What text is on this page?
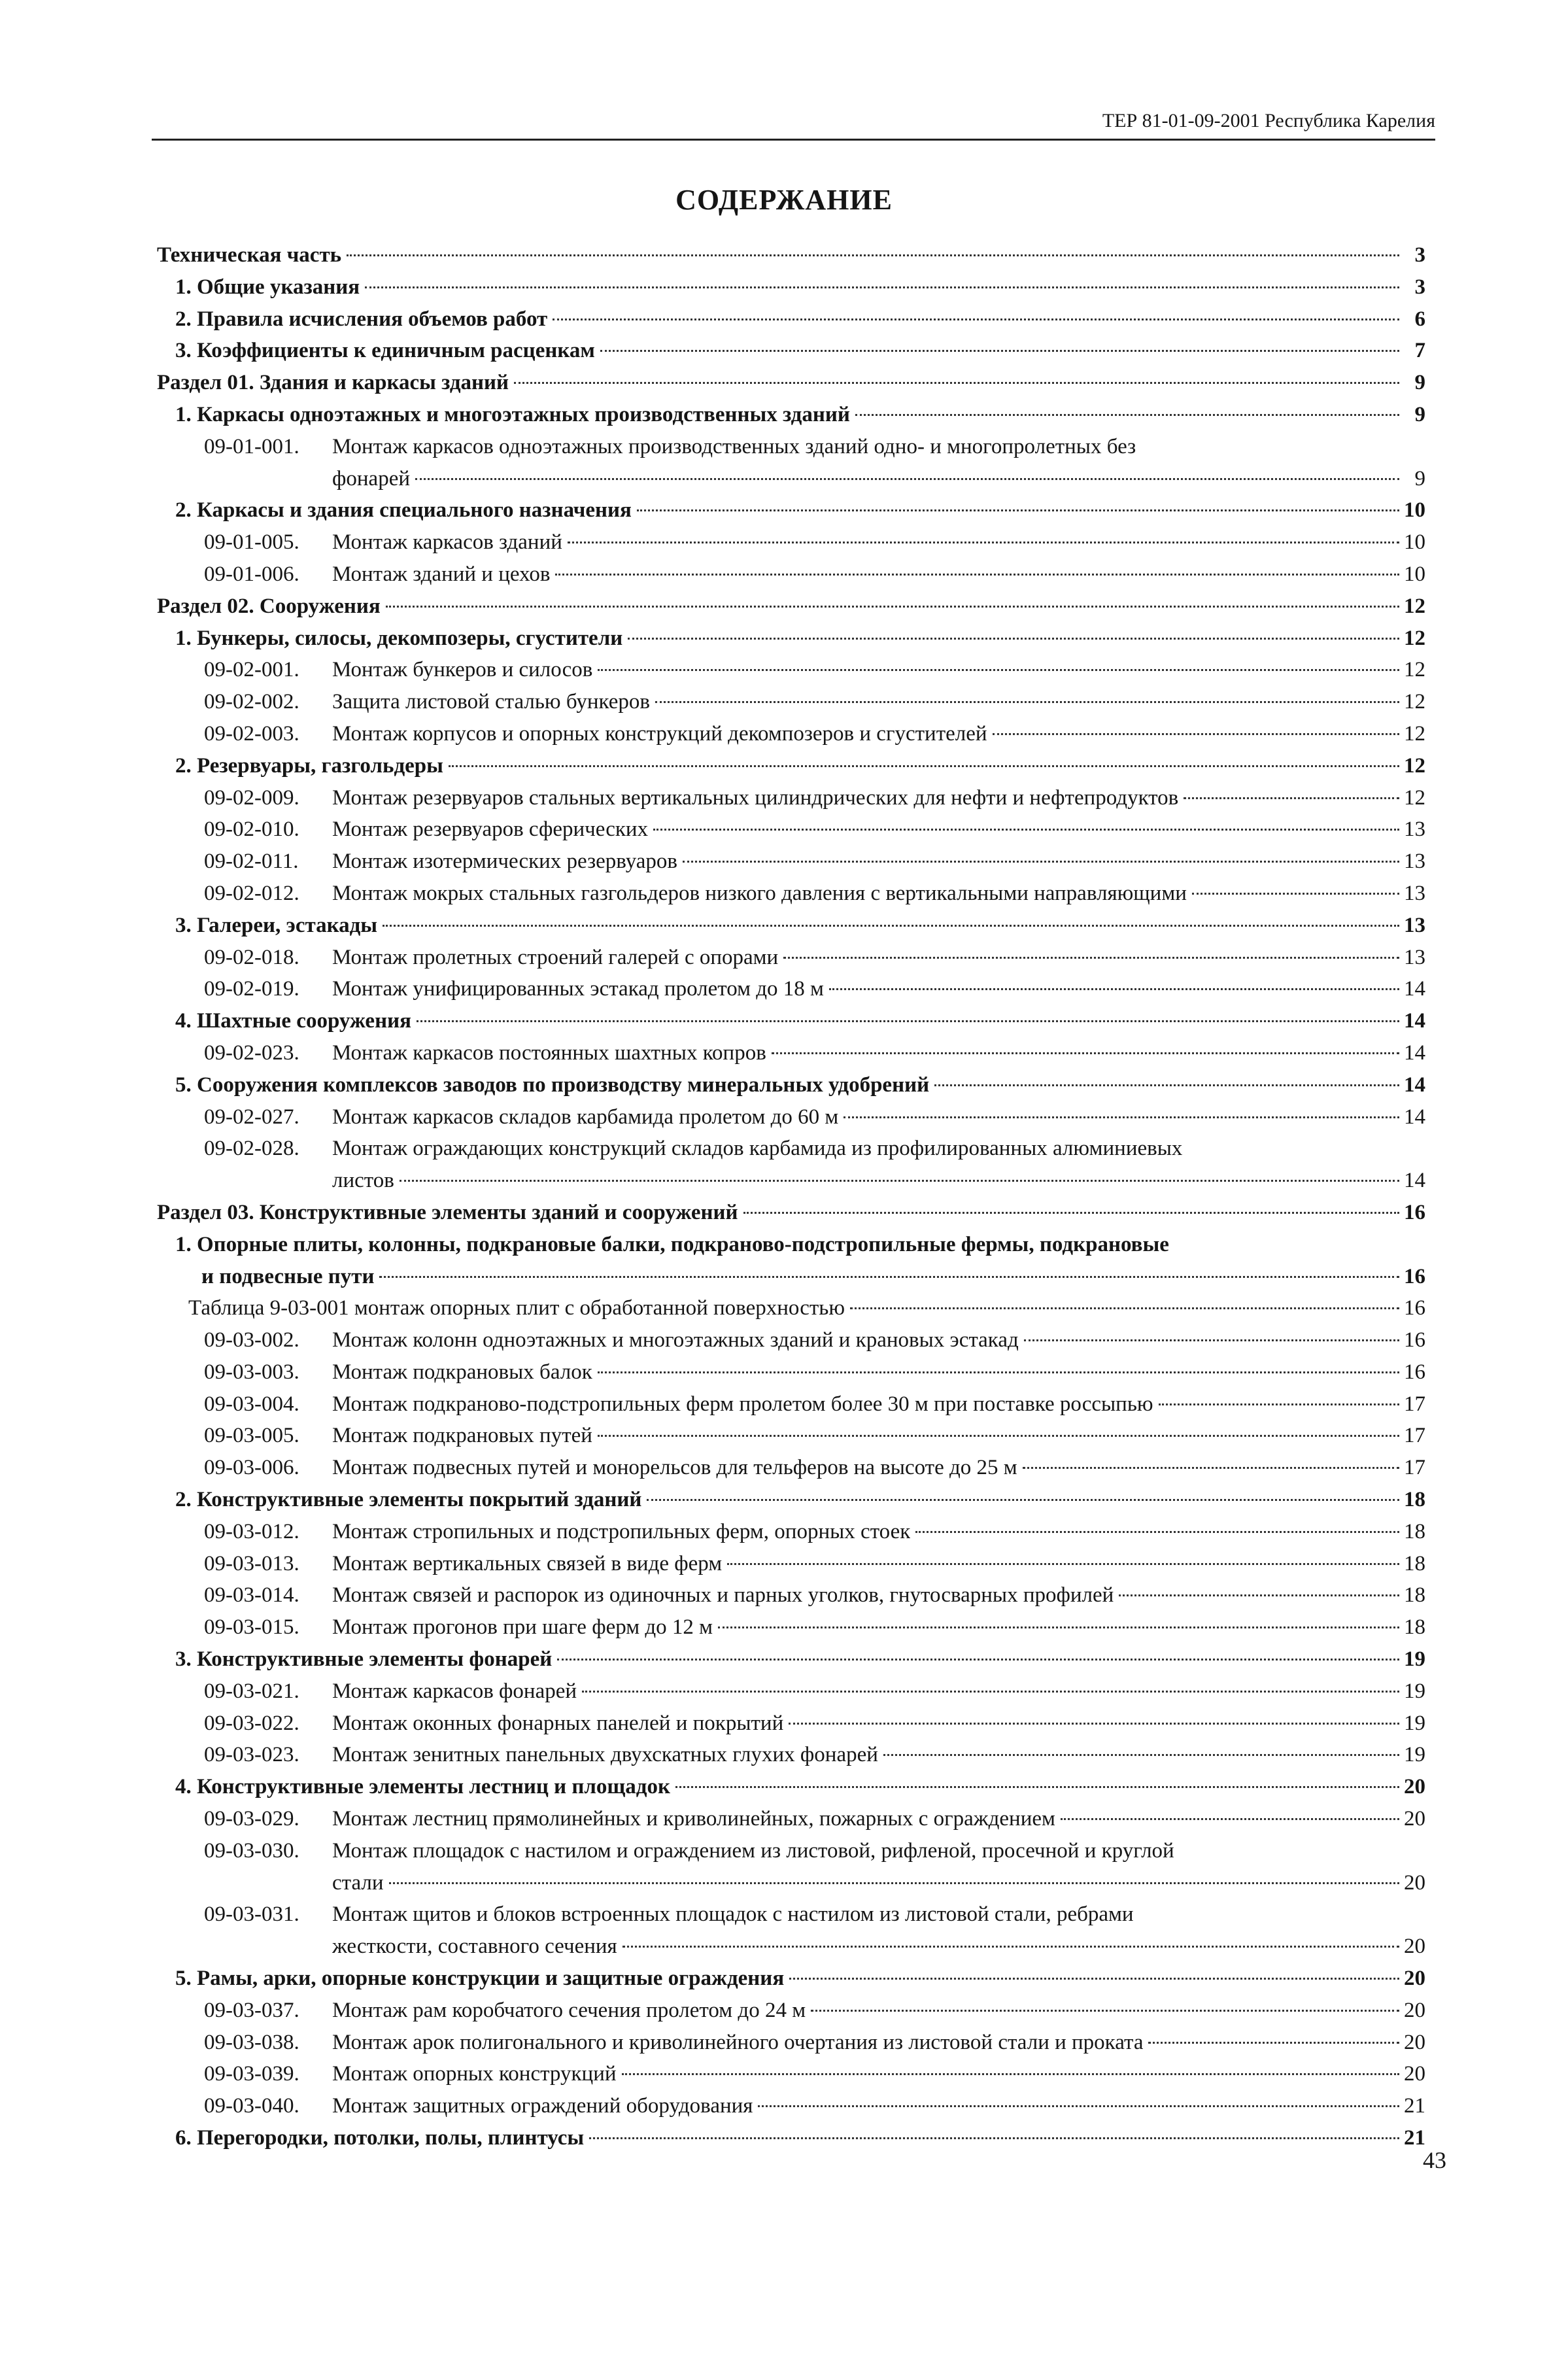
ТЕР 81-01-09-2001 Республика Карелия
СОДЕРЖАНИЕ
Техническая часть	3
1. Общие указания	3
2. Правила исчисления объемов работ	6
3. Коэффициенты к единичным расценкам	7
Раздел 01. Здания и каркасы зданий	9
1. Каркасы одноэтажных и многоэтажных производственных зданий	9
09-01-001. Монтаж каркасов одноэтажных производственных зданий одно- и многопролетных без
фонарей	9
2. Каркасы и здания специального назначения	10
09-01-005. Монтаж каркасов зданий	10
09-01-006. Монтаж зданий и цехов	10
Раздел 02. Сооружения	12
1. Бункеры, силосы, декомпозеры, сгустители	12
09-02-001. Монтаж бункеров и силосов	12
09-02-002. Защита листовой сталью бункеров	12
09-02-003. Монтаж корпусов и опорных конструкций декомпозеров и сгустителей	12
2. Резервуары, газгольдеры	12
09-02-009. Монтаж резервуаров стальных вертикальных цилиндрических для нефти и нефтепродуктов	12
09-02-010. Монтаж резервуаров сферических	13
09-02-011. Монтаж изотермических резервуаров	13
09-02-012. Монтаж мокрых стальных газгольдеров низкого давления с вертикальными направляющими	13
3. Галереи, эстакады	13
09-02-018. Монтаж пролетных строений галерей с опорами	13
09-02-019. Монтаж унифицированных эстакад пролетом до 18 м	14
4. Шахтные сооружения	14
09-02-023. Монтаж каркасов постоянных шахтных копров	14
5. Сооружения комплексов заводов по производству минеральных удобрений	14
09-02-027. Монтаж каркасов складов карбамида пролетом до 60 м	14
09-02-028. Монтаж ограждающих конструкций складов карбамида из профилированных алюминиевых
листов	14
Раздел 03. Конструктивные элементы зданий и сооружений	16
1. Опорные плиты, колонны, подкрановые балки, подкраново-подстропильные фермы, подкрановые
и подвесные пути	16
Таблица 9-03-001 монтаж опорных плит с обработанной поверхностью	16
09-03-002. Монтаж колонн одноэтажных и многоэтажных зданий и крановых эстакад	16
09-03-003. Монтаж подкрановых балок	16
09-03-004. Монтаж подкраново-подстропильных ферм пролетом более 30 м при поставке россыпью	17
09-03-005. Монтаж подкрановых путей	17
09-03-006. Монтаж подвесных путей и монорельсов для тельферов на высоте до 25 м	17
2. Конструктивные элементы покрытий зданий	18
09-03-012. Монтаж стропильных и подстропильных ферм, опорных стоек	18
09-03-013. Монтаж вертикальных связей в виде ферм	18
09-03-014. Монтаж связей и распорок из одиночных и парных уголков, гнутосварных профилей	18
09-03-015. Монтаж прогонов при шаге ферм до 12 м	18
3. Конструктивные элементы фонарей	19
09-03-021. Монтаж каркасов фонарей	19
09-03-022. Монтаж оконных фонарных панелей и покрытий	19
09-03-023. Монтаж зенитных панельных двухскатных глухих фонарей	19
4. Конструктивные элементы лестниц и площадок	20
09-03-029. Монтаж лестниц прямолинейных и криволинейных, пожарных с ограждением	20
09-03-030. Монтаж площадок с настилом и ограждением из листовой, рифленой, просечной и круглой
стали	20
09-03-031. Монтаж щитов и блоков встроенных площадок с настилом из листовой стали, ребрами
жесткости, составного сечения	20
5. Рамы, арки, опорные конструкции и защитные ограждения	20
09-03-037. Монтаж рам коробчатого сечения пролетом до 24 м	20
09-03-038. Монтаж арок полигонального и криволинейного очертания из листовой стали и проката	20
09-03-039. Монтаж опорных конструкций	20
09-03-040. Монтаж защитных ограждений оборудования	21
6. Перегородки, потолки, полы, плинтусы	21
43
